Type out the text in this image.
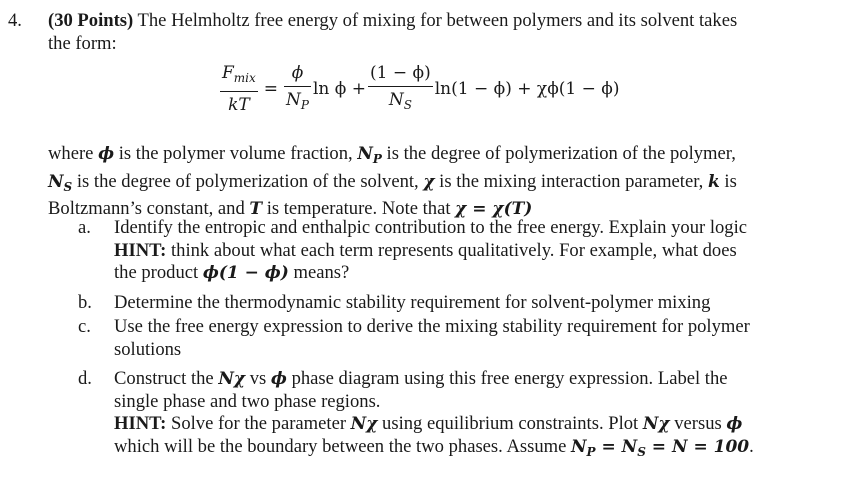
4. (30 Points) The Helmholtz free energy of mixing for between polymers and its solvent takes
the form:
$\frac{F_{mix}}{kT} = \frac{\phi}{N_P}$ $\ln \phi + \frac{(1 - \phi)}{N_S} \ln(1 - \phi) + \chi\phi(1 - \phi)$
where ϕ is the polymer volume fraction, $N_P$ is the degree of polymerization of the polymer,
$N_S$ is the degree of polymerization of the solvent, χ is the mixing interaction parameter, k is
Boltzmann’s constant, and T is temperature. Note that χ = χ(T)
a. Identify the entropic and enthalpic contribution to the free energy. Explain your logic
HINT: think about what each term represents qualitatively. For example, what does
the product ϕ(1 − ϕ) means?
b. Determine the thermodynamic stability requirement for solvent-polymer mixing
c. Use the free energy expression to derive the mixing stability requirement for polymer
solutions
d. Construct the Nχ vs ϕ phase diagram using this free energy expression. Label the
single phase and two phase regions.
HINT: Solve for the parameter Nχ using equilibrium constraints. Plot Nχ versus ϕ
which will be the boundary between the two phases. Assume $N_P = N_S = N = 100$.
